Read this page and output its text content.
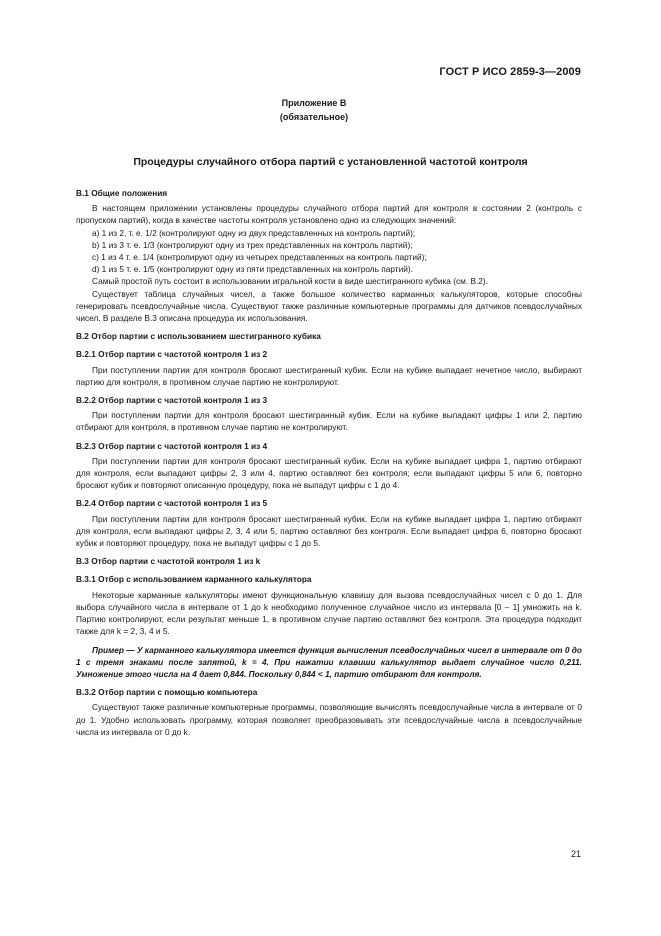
ГОСТ Р ИСО 2859-3—2009
Приложение В
(обязательное)
Процедуры случайного отбора партий с установленной частотой контроля

В.1 Общие положения

В настоящем приложении установлены процедуры случайного отбора партий для контроля в состоянии 2 (контроль с пропуском партий), когда в качестве частоты контроля установлено одно из следующих значений:

а) 1 из 2, т. е. 1/2 (контролируют одну из двух представленных на контроль партий);

b) 1 из 3 т. е. 1/3 (контролируют одну из трех представленных на контроль партий);

с) 1 из 4 т. е. 1/4 (контролируют одну из четырех представленных на контроль партий);

d) 1 из 5 т. е. 1/5 (контролируют одну из пяти представленных на контроль партий).

Самый простой путь состоит в использовании игральной кости в виде шестигранного кубика (см. В.2).

Существует таблица случайных чисел, а также большое количество карманных калькуляторов, которые способны генерировать псевдослучайные числа. Существуют также различные компьютерные программы для датчиков псевдослучайных чисел. В разделе В.3 описана процедура их использования.

В.2 Отбор партии с использованием шестигранного кубика

В.2.1 Отбор партии с частотой контроля 1 из 2

При поступлении партии для контроля бросают шестигранный кубик. Если на кубике выпадает нечетное число, выбирают партию для контроля, в противном случае партию не контролируют.

В.2.2 Отбор партии с частотой контроля 1 из 3

При поступлении партии для контроля бросают шестигранный кубик. Если на кубике выпадают цифры 1 или 2, партию отбирают для контроля, в противном случае партию не контролируют.

В.2.3 Отбор партии с частотой контроля 1 из 4

При поступлении партии для контроля бросают шестигранный кубик. Если на кубике выпадает цифра 1, партию отбирают для контроля, если выпадают цифры 2, 3 или 4, партию оставляют без контроля; если выпадают цифры 5 или 6, повторно бросают кубик и повторяют описанную процедуру, пока не выпадут цифры с 1 до 4.

В.2.4 Отбор партии с частотой контроля 1 из 5

При поступлении партии для контроля бросают шестигранный кубик. Если на кубике выпадает цифра 1, партию отбирают для контроля, если выпадают цифры 2, 3, 4 или 5, партию оставляют без контроля. Если выпадает цифра 6, повторно бросают кубик и повторяют процедуру, пока не выпадут цифры с 1 до 5.

В.3 Отбор партии с частотой контроля 1 из k

В.3.1 Отбор с использованием карманного калькулятора

Некоторые карманные калькуляторы имеют функциональную клавишу для вызова псевдослучайных чисел с 0 до 1. Для выбора случайного числа в интервале от 1 до k необходимо полученное случайное число из интервала [0 – 1] умножить на k. Партию контролируют, если результат меньше 1, в противном случае партию оставляют без контроля. Эта процедура подходит также для k = 2, 3, 4 и 5.

Пример — У карманного калькулятора имеется функция вычисления псевдослучайных чисел в интервале от 0 до 1 с тремя знаками после запятой, k = 4. При нажатии клавиши калькулятор выдает случайное число 0,211. Умножение этого числа на 4 дает 0,844. Поскольку 0,844 < 1, партию отбирают для контроля.

В.3.2 Отбор партии с помощью компьютера

Существуют также различные компьютерные программы, позволяющие вычислять псевдослучайные числа в интервале от 0 до 1. Удобно использовать программу, которая позволяет преобразовывать эти псевдослучайные числа в псевдослучайные числа из интервала от 0 до k.

21
